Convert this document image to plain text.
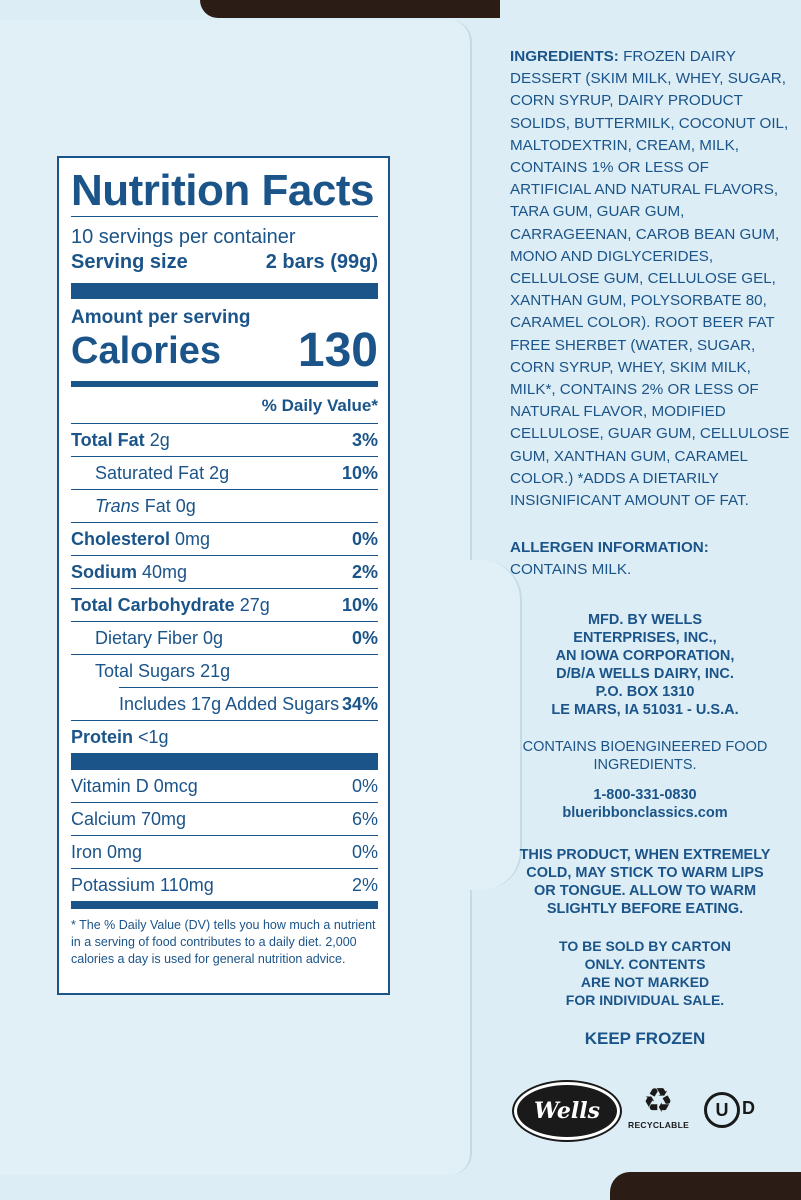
Nutrition Facts
10 servings per container
Serving size	2 bars (99g)
Amount per serving
Calories 130
% Daily Value*
Total Fat 2g	3%
Saturated Fat 2g	10%
Trans Fat 0g
Cholesterol 0mg	0%
Sodium 40mg	2%
Total Carbohydrate 27g	10%
Dietary Fiber 0g	0%
Total Sugars 21g
Includes 17g Added Sugars 34%
Protein <1g
Vitamin D 0mcg	0%
Calcium 70mg	6%
Iron 0mg	0%
Potassium 110mg	2%
* The % Daily Value (DV) tells you how much a nutrient in a serving of food contributes to a daily diet. 2,000 calories a day is used for general nutrition advice.
INGREDIENTS: FROZEN DAIRY DESSERT (SKIM MILK, WHEY, SUGAR, CORN SYRUP, DAIRY PRODUCT SOLIDS, BUTTERMILK, COCONUT OIL, MALTODEXTRIN, CREAM, MILK, CONTAINS 1% OR LESS OF ARTIFICIAL AND NATURAL FLAVORS, TARA GUM, GUAR GUM, CARRAGEENAN, CAROB BEAN GUM, MONO AND DIGLYCERIDES, CELLULOSE GUM, CELLULOSE GEL, XANTHAN GUM, POLYSORBATE 80, CARAMEL COLOR). ROOT BEER FAT FREE SHERBET (WATER, SUGAR, CORN SYRUP, WHEY, SKIM MILK, MILK*, CONTAINS 2% OR LESS OF NATURAL FLAVOR, MODIFIED CELLULOSE, GUAR GUM, CELLULOSE GUM, XANTHAN GUM, CARAMEL COLOR.) *ADDS A DIETARILY INSIGNIFICANT AMOUNT OF FAT.
ALLERGEN INFORMATION:
CONTAINS MILK.
MFD. BY WELLS
ENTERPRISES, INC.,
AN IOWA CORPORATION,
D/B/A WELLS DAIRY, INC.
P.O. BOX 1310
LE MARS, IA 51031 - U.S.A.
CONTAINS BIOENGINEERED FOOD
INGREDIENTS.
1-800-331-0830
blueribbonclassics.com
THIS PRODUCT, WHEN EXTREMELY
COLD, MAY STICK TO WARM LIPS
OR TONGUE. ALLOW TO WARM
SLIGHTLY BEFORE EATING.
TO BE SOLD BY CARTON
ONLY. CONTENTS
ARE NOT MARKED
FOR INDIVIDUAL SALE.
KEEP FROZEN
Wells	♻
RECYCLABLE
U D
